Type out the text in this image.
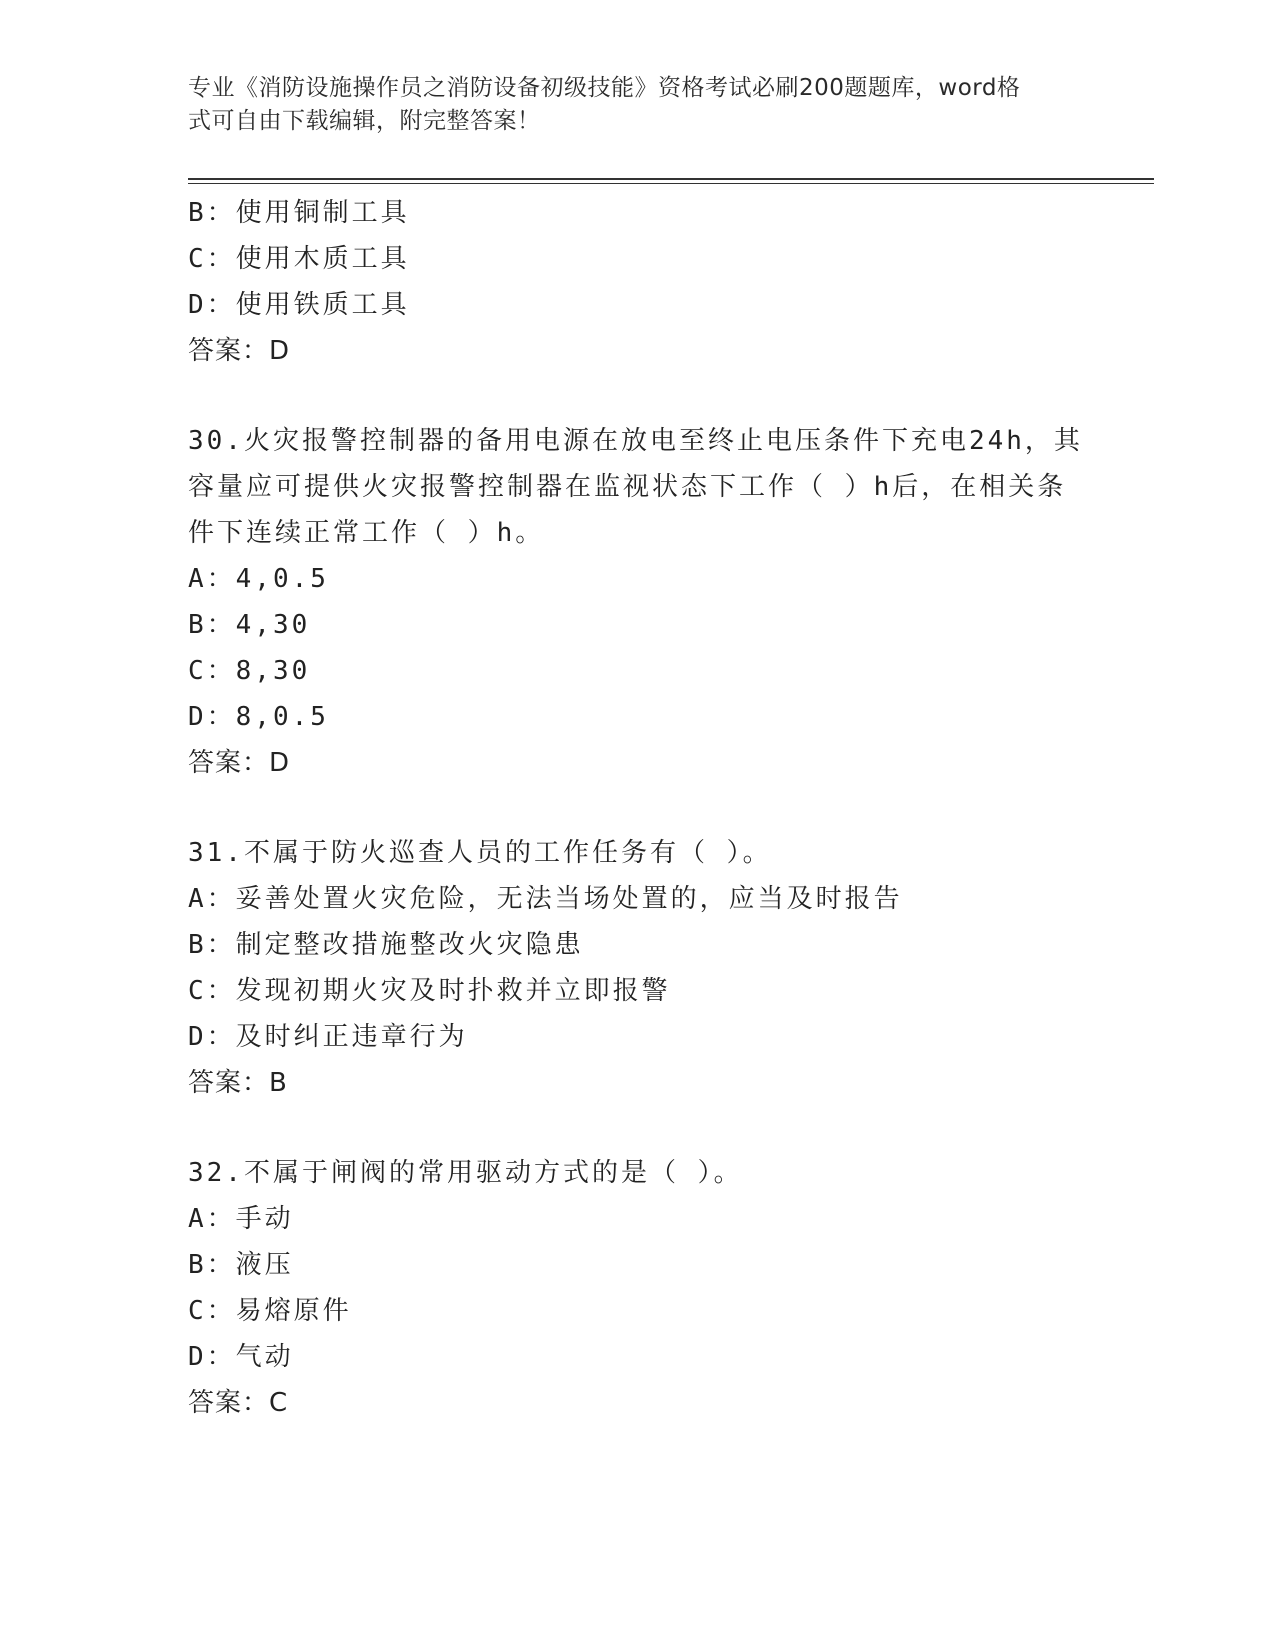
专业《消防设施操作员之消防设备初级技能》资格考试必刷200题题库，word格
式可自由下载编辑，附完整答案！
B：使用铜制工具
C：使用木质工具
D：使用铁质工具
答案：D
30.火灾报警控制器的备用电源在放电至终止电压条件下充电24h，其
容量应可提供火灾报警控制器在监视状态下工作（ ）h后，在相关条
件下连续正常工作（ ）h。
A：4,0.5
B：4,30
C：8,30
D：8,0.5
答案：D
31.不属于防火巡查人员的工作任务有（ ）。
A：妥善处置火灾危险，无法当场处置的，应当及时报告
B：制定整改措施整改火灾隐患
C：发现初期火灾及时扑救并立即报警
D：及时纠正违章行为
答案：B
32.不属于闸阀的常用驱动方式的是（ ）。
A：手动
B：液压
C：易熔原件
D：气动
答案：C
